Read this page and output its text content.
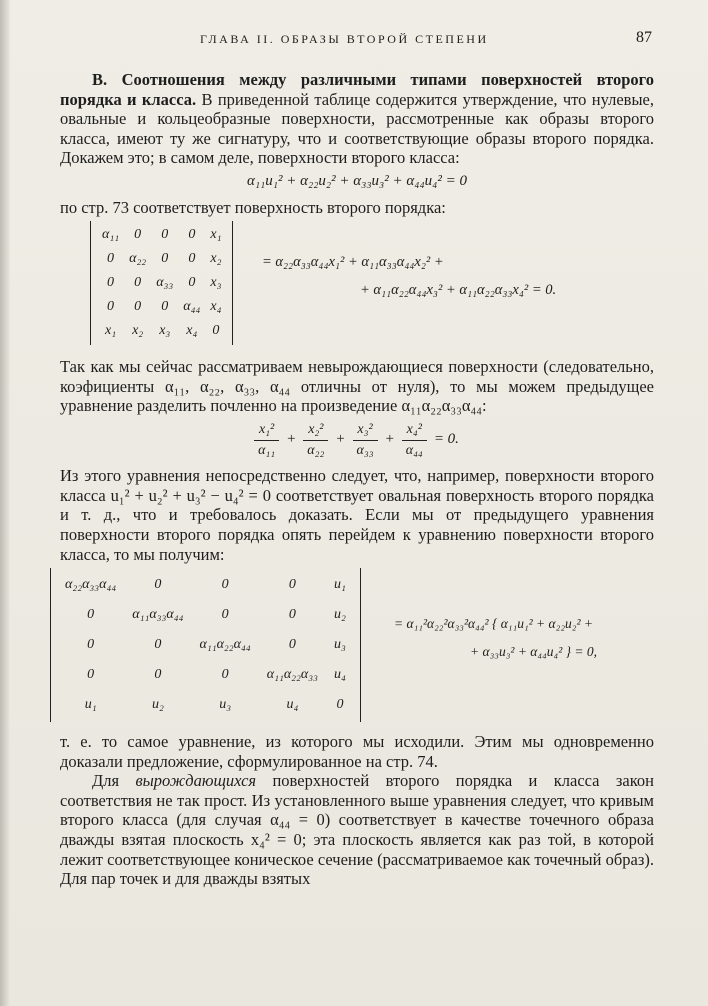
ГЛАВА II. ОБРАЗЫ ВТОРОЙ СТЕПЕНИ	87

B. Соотношения между различными типами поверхностей второго порядка и класса. В приведенной таблице содержится утверждение, что нулевые, овальные и кольцеобразные поверхности, рассмотренные как образы второго класса, имеют ту же сигнатуру, что и соответствующие образы второго порядка. Докажем это; в самом деле, поверхности второго класса:

α₁₁u₁² + α₂₂u₂² + α₃₃u₃² + α₄₄u₄² = 0

по стр. 73 соответствует поверхность второго порядка:

α₁₁	0	0	0	x₁
0	α₂₂	0	0	x₂
0	0	α₃₃	0	x₃
0	0	0	α₄₄	x₄
x₁	x₂	x₃	x₄	0
= α₂₂α₃₃α₄₄x₁² + α₁₁α₃₃α₄₄x₂² +
+ α₁₁α₂₂α₄₄x₃² + α₁₁α₂₂α₃₃x₄² = 0.

Так как мы сейчас рассматриваем невырождающиеся поверхности (следовательно, коэфициенты α₁₁, α₂₂, α₃₃, α₄₄ отличны от нуля), то мы можем предыдущее уравнение разделить почленно на произведение α₁₁α₂₂α₃₃α₄₄:

$\frac{\text{x₁²}}{\text{α₁₁}} + \frac{\text{x₂²}}{\text{α₂₂}} + \frac{\text{x₃²}}{\text{α₃₃}} + \frac{\text{x₄²}}{\text{α₄₄}} = 0$.

Из этого уравнения непосредственно следует, что, например, поверхности второго класса u₁² + u₂² + u₃² − u₄² = 0 соответствует овальная поверхность второго порядка и т. д., что и требовалось доказать. Если мы от предыдущего уравнения поверхности второго порядка опять перейдем к уравнению поверхности второго класса, то мы получим:

α₂₂α₃₃α₄₄	0	0	0	u₁
0	α₁₁α₃₃α₄₄	0	0	u₂
0	0	α₁₁α₂₂α₄₄	0	u₃
0	0	0	α₁₁α₂₂α₃₃	u₄
u₁	u₂	u₃	u₄	0
= α₁₁²α₂₂²α₃₃²α₄₄² { α₁₁u₁² + α₂₂u₂² +
+ α₃₃u₃² + α₄₄u₄² } = 0,

т. е. то самое уравнение, из которого мы исходили. Этим мы одновременно доказали предложение, сформулированное на стр. 74.

Для вырождающихся поверхностей второго порядка и класса закон соответствия не так прост. Из установленного выше уравнения следует, что кривым второго класса (для случая α₄₄ = 0) соответствует в качестве точечного образа дважды взятая плоскость x₄² = 0; эта плоскость является как раз той, в которой лежит соответствующее коническое сечение (рассматриваемое как точечный образ). Для пар точек и для дважды взятых
